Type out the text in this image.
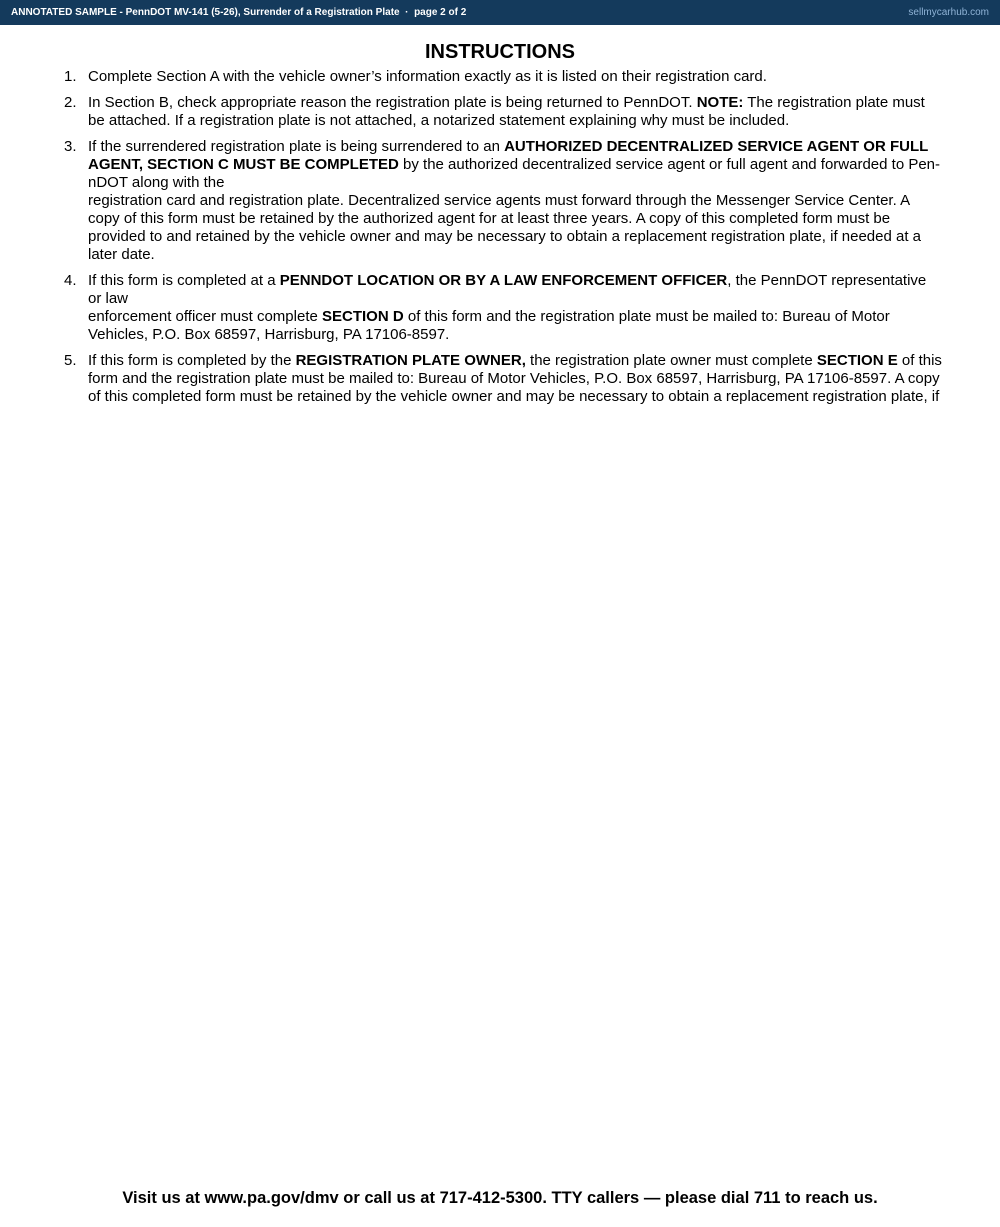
ANNOTATED SAMPLE - PennDOT MV-141 (5-26), Surrender of a Registration Plate · page 2 of 2	sellmycarhub.com
INSTRUCTIONS
1. Complete Section A with the vehicle owner’s information exactly as it is listed on their registration card.
2. In Section B, check appropriate reason the registration plate is being returned to PennDOT. NOTE: The registration plate must be attached. If a registration plate is not attached, a notarized statement explaining why must be included.
3. If the surrendered registration plate is being surrendered to an AUTHORIZED DECENTRALIZED SERVICE AGENT OR FULL AGENT, SECTION C MUST BE COMPLETED by the authorized decentralized service agent or full agent and forwarded to Pen-nDOT along with the
registration card and registration plate. Decentralized service agents must forward through the Messenger Service Center. A copy of this form must be retained by the authorized agent for at least three years. A copy of this completed form must be provided to and retained by the vehicle owner and may be necessary to obtain a replacement registration plate, if needed at a later date.
4. If this form is completed at a PENNDOT LOCATION OR BY A LAW ENFORCEMENT OFFICER, the PennDOT representative or law
enforcement officer must complete SECTION D of this form and the registration plate must be mailed to: Bureau of Motor Vehicles, P.O. Box 68597, Harrisburg, PA 17106-8597.
5. If this form is completed by the REGISTRATION PLATE OWNER, the registration plate owner must complete SECTION E of this form and the registration plate must be mailed to: Bureau of Motor Vehicles, P.O. Box 68597, Harrisburg, PA 17106-8597. A copy of this completed form must be retained by the vehicle owner and may be necessary to obtain a replacement registration plate, if
Visit us at www.pa.gov/dmv or call us at 717-412-5300. TTY callers — please dial 711 to reach us.
